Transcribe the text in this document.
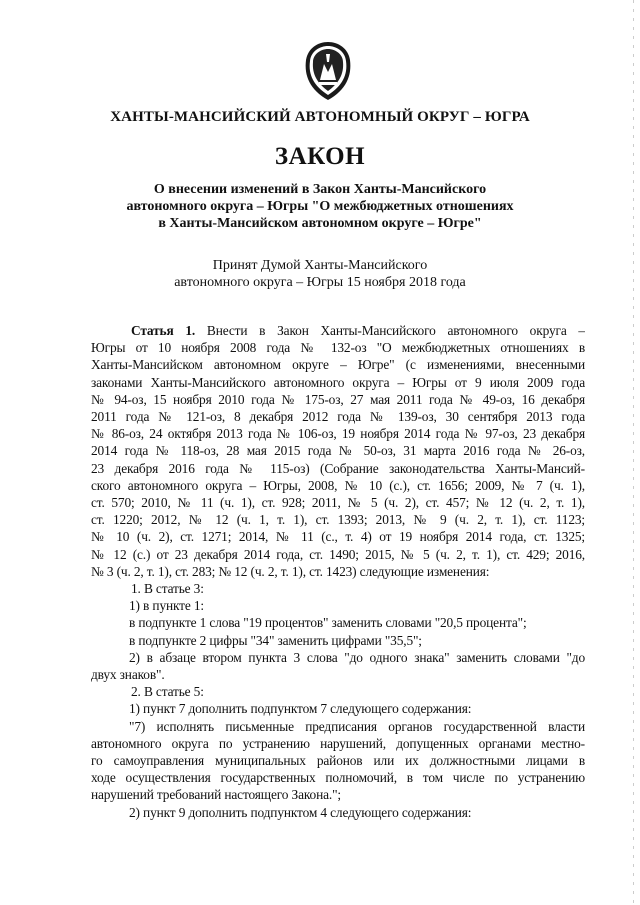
ХАНТЫ-МАНСИЙСКИЙ АВТОНОМНЫЙ ОКРУГ – ЮГРА
ЗАКОН
О внесении изменений в Закон Ханты-Мансийского
автономного округа – Югры "О межбюджетных отношениях
в Ханты-Мансийском автономном округе – Югре"
Принят Думой Ханты-Мансийского
автономного округа – Югры 15 ноября 2018 года
Статья 1. Внести в Закон Ханты-Мансийского автономного округа –
Югры от 10 ноября 2008 года № 132-оз "О межбюджетных отношениях в
Ханты-Мансийском автономном округе – Югре" (с изменениями, внесенными
законами Ханты-Мансийского автономного округа – Югры от 9 июля 2009 года
№ 94-оз, 15 ноября 2010 года № 175-оз, 27 мая 2011 года № 49-оз, 16 декабря
2011 года № 121-оз, 8 декабря 2012 года № 139-оз, 30 сентября 2013 года
№ 86-оз, 24 октября 2013 года № 106-оз, 19 ноября 2014 года № 97-оз, 23 декабря
2014 года № 118-оз, 28 мая 2015 года № 50-оз, 31 марта 2016 года № 26-оз,
23 декабря 2016 года № 115-оз) (Собрание законодательства Ханты-Мансий-
ского автономного округа – Югры, 2008, № 10 (с.), ст. 1656; 2009, № 7 (ч. 1),
ст. 570; 2010, № 11 (ч. 1), ст. 928; 2011, № 5 (ч. 2), ст. 457; № 12 (ч. 2, т. 1),
ст. 1220; 2012, № 12 (ч. 1, т. 1), ст. 1393; 2013, № 9 (ч. 2, т. 1), ст. 1123;
№ 10 (ч. 2), ст. 1271; 2014, № 11 (с., т. 4) от 19 ноября 2014 года, ст. 1325;
№ 12 (с.) от 23 декабря 2014 года, ст. 1490; 2015, № 5 (ч. 2, т. 1), ст. 429; 2016,
№ 3 (ч. 2, т. 1), ст. 283; № 12 (ч. 2, т. 1), ст. 1423) следующие изменения:
1. В статье 3:
1) в пункте 1:
в подпункте 1 слова "19 процентов" заменить словами "20,5 процента";
в подпункте 2 цифры "34" заменить цифрами "35,5";
2) в абзаце втором пункта 3 слова "до одного знака" заменить словами "до
двух знаков".
2. В статье 5:
1) пункт 7 дополнить подпунктом 7 следующего содержания:
"7) исполнять письменные предписания органов государственной власти
автономного округа по устранению нарушений, допущенных органами местно-
го самоуправления муниципальных районов или их должностными лицами в
ходе осуществления государственных полномочий, в том числе по устранению
нарушений требований настоящего Закона.";
2) пункт 9 дополнить подпунктом 4 следующего содержания:
